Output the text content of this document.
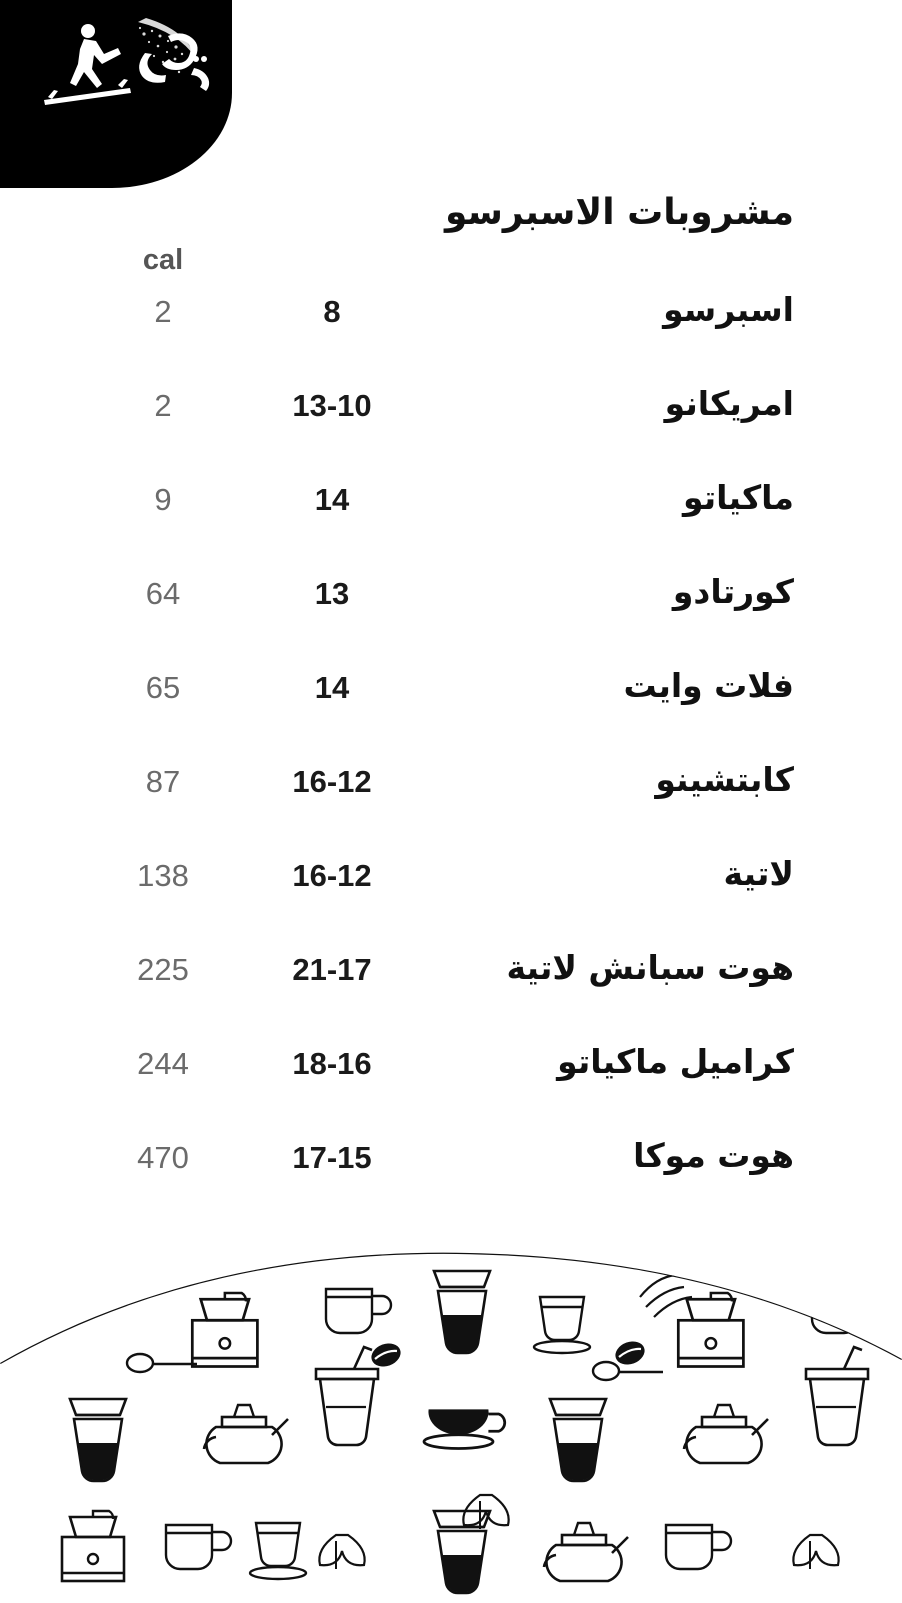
مشروبات الاسبرسو
cal
اسبرسو
8
2
امريكانو
13-10
2
ماكياتو
14
9
كورتادو
13
64
فلات وايت
14
65
كابتشينو
16-12
87
لاتية
16-12
138
هوت سبانش لاتية
21-17
225
كراميل ماكياتو
18-16
244
هوت موكا
17-15
470
